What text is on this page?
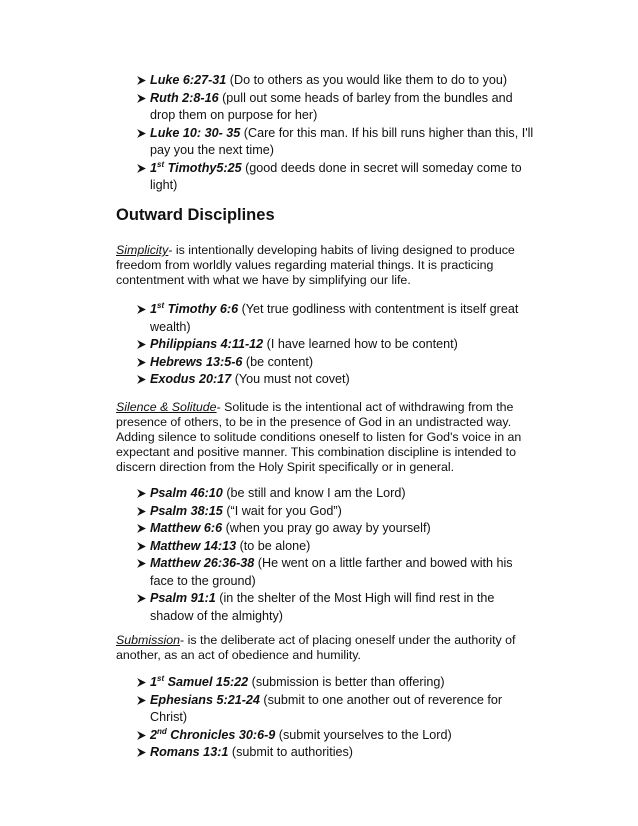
Luke 6:27-31 (Do to others as you would like them to do to you)
Ruth 2:8-16 (pull out some heads of barley from the bundles and drop them on purpose for her)
Luke 10: 30- 35 (Care for this man. If his bill runs higher than this, I'll pay you the next time)
1st Timothy5:25 (good deeds done in secret will someday come to light)
Outward Disciplines

Simplicity- is intentionally developing habits of living designed to produce freedom from worldly values regarding material things. It is practicing contentment with what we have by simplifying our life.

1st Timothy 6:6 (Yet true godliness with contentment is itself great wealth)
Philippians 4:11-12 (I have learned how to be content)
Hebrews 13:5-6 (be content)
Exodus 20:17 (You must not covet)

Silence & Solitude- Solitude is the intentional act of withdrawing from the presence of others, to be in the presence of God in an undistracted way. Adding silence to solitude conditions oneself to listen for God's voice in an expectant and positive manner. This combination discipline is intended to discern direction from the Holy Spirit specifically or in general.

Psalm 46:10 (be still and know I am the Lord)
Psalm 38:15 (“I wait for you God”)
Matthew 6:6 (when you pray go away by yourself)
Matthew 14:13 (to be alone)
Matthew 26:36-38 (He went on a little farther and bowed with his face to the ground)
Psalm 91:1 (in the shelter of the Most High will find rest in the shadow of the almighty)

Submission- is the deliberate act of placing oneself under the authority of another, as an act of obedience and humility.

1st Samuel 15:22 (submission is better than offering)
Ephesians 5:21-24 (submit to one another out of reverence for Christ)
2nd Chronicles 30:6-9 (submit yourselves to the Lord)
Romans 13:1 (submit to authorities)
